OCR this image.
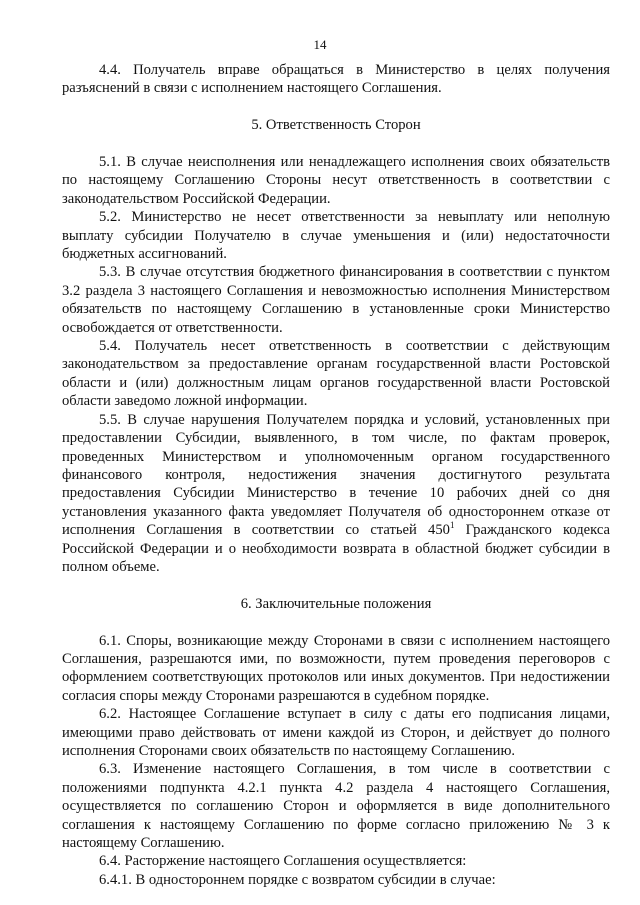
14

4.4. Получатель вправе обращаться в Министерство в целях получения разъяснений в связи с исполнением настоящего Соглашения.

5. Ответственность Сторон

5.1. В случае неисполнения или ненадлежащего исполнения своих обязательств по настоящему Соглашению Стороны несут ответственность в соответствии с законодательством Российской Федерации.

5.2. Министерство не несет ответственности за невыплату или неполную выплату субсидии Получателю в случае уменьшения и (или) недостаточности бюджетных ассигнований.

5.3. В случае отсутствия бюджетного финансирования в соответствии с пунктом 3.2 раздела 3 настоящего Соглашения и невозможностью исполнения Министерством обязательств по настоящему Соглашению в установленные сроки Министерство освобождается от ответственности.

5.4. Получатель несет ответственность в соответствии с действующим законодательством за предоставление органам государственной власти Ростовской области и (или) должностным лицам органов государственной власти Ростовской области заведомо ложной информации.

5.5. В случае нарушения Получателем порядка и условий, установленных при предоставлении Субсидии, выявленного, в том числе, по фактам проверок, проведенных Министерством и уполномоченным органом государственного финансового контроля, недостижения значения достигнутого результата предоставления Субсидии Министерство в течение 10 рабочих дней со дня установления указанного факта уведомляет Получателя об одностороннем отказе от исполнения Соглашения в соответствии со статьей $450^1$ Гражданского кодекса Российской Федерации и о необходимости возврата в областной бюджет субсидии в полном объеме.

6. Заключительные положения

6.1. Споры, возникающие между Сторонами в связи с исполнением настоящего Соглашения, разрешаются ими, по возможности, путем проведения переговоров с оформлением соответствующих протоколов или иных документов. При недостижении согласия споры между Сторонами разрешаются в судебном порядке.

6.2. Настоящее Соглашение вступает в силу с даты его подписания лицами, имеющими право действовать от имени каждой из Сторон, и действует до полного исполнения Сторонами своих обязательств по настоящему Соглашению.

6.3. Изменение настоящего Соглашения, в том числе в соответствии с положениями подпункта 4.2.1 пункта 4.2 раздела 4 настоящего Соглашения, осуществляется по соглашению Сторон и оформляется в виде дополнительного соглашения к настоящему Соглашению по форме согласно приложению № 3 к настоящему Соглашению.

6.4. Расторжение настоящего Соглашения осуществляется:

6.4.1. В одностороннем порядке с возвратом субсидии в случае:
